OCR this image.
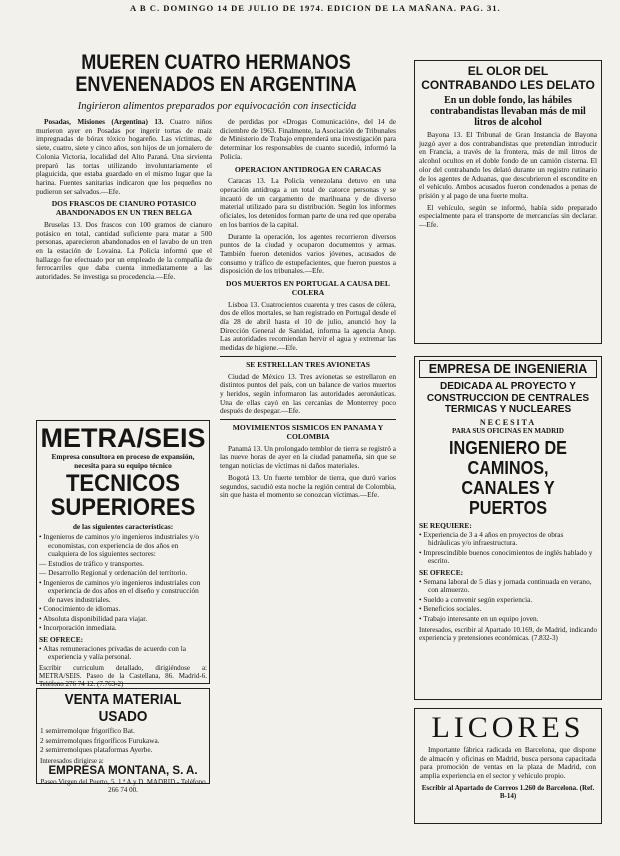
A B C. DOMINGO 14 DE JULIO DE 1974. EDICION DE LA MAÑANA. PAG. 31.
MUEREN CUATRO HERMANOS ENVENENADOS EN ARGENTINA
Ingirieron alimentos preparados por equivocación con insecticida

Posadas, Misiones (Argentina) 13. Cuatro niños murieron ayer en Posadas por ingerir tortas de maíz impregnadas de bórax tóxico hogareño. Las víctimas, de siete, cuatro, siete y cinco años, son hijos de un jornalero de Colonia Victoria, localidad del Alto Paraná. Una sirvienta preparó las tortas utilizando involuntariamente el plaguicida, que estaba guardado en el mismo lugar que la harina. Fuentes sanitarias indicaron que los pequeños no pudieron ser salvados.—Efe.

DOS FRASCOS DE CIANURO POTASICO ABANDONADOS EN UN TREN BELGA

Bruselas 13. Dos frascos con 100 gramos de cianuro potásico en total, cantidad suficiente para matar a 500 personas, aparecieron abandonados en el lavabo de un tren en la estación de Lovaina. La Policía informó que el hallazgo fue efectuado por un empleado de la compañía de ferrocarriles que daba cuenta inmediatamente a las autoridades. Se investiga su procedencia.—Efe.

de perdidas por «Drogas Comunicación», del 14 de diciembre de 1963. Finalmente, la Asociación de Tribunales de Ministerio de Trabajo emprenderá una investigación para determinar los responsables de cuanto sucedió, informó la Policía.

OPERACION ANTIDROGA EN CARACAS

Caracas 13. La Policía venezolana detuvo en una operación antidroga a un total de catorce personas y se incautó de un cargamento de marihuana y de diverso material utilizado para su distribución. Según los informes oficiales, los detenidos forman parte de una red que operaba en los barrios de la capital.

Durante la operación, los agentes recorrieron diversos puntos de la ciudad y ocuparon documentos y armas. También fueron detenidos varios jóvenes, acusados de consumo y tráfico de estupefacientes, que fueron puestos a disposición de los tribunales.—Efe.

DOS MUERTOS EN PORTUGAL A CAUSA DEL COLERA

Lisboa 13. Cuatrocientos cuarenta y tres casos de cólera, dos de ellos mortales, se han registrado en Portugal desde el día 28 de abril hasta el 10 de julio, anunció hoy la Dirección General de Sanidad, informa la agencia Anop. Las autoridades recomiendan hervir el agua y extremar las medidas de higiene.—Efe.

SE ESTRELLAN TRES AVIONETAS

Ciudad de México 13. Tres avionetas se estrellaron en distintos puntos del país, con un balance de varios muertos y heridos, según informaron las autoridades aeronáuticas. Una de ellas cayó en las cercanías de Monterrey poco después de despegar.—Efe.

MOVIMIENTOS SISMICOS EN PANAMA Y COLOMBIA

Panamá 13. Un prolongado temblor de tierra se registró a las nueve horas de ayer en la ciudad panameña, sin que se tengan noticias de víctimas ni daños materiales.

Bogotá 13. Un fuerte temblor de tierra, que duró varios segundos, sacudió esta noche la región central de Colombia, sin que hasta el momento se conozcan víctimas.—Efe.

METRA/SEIS
Empresa consultora en proceso de expansión, necesita para su equipo técnico
TECNICOS SUPERIORES
de las siguientes características:
• Ingenieros de caminos y/o ingenieros industriales y/o economistas, con experiencia de dos años en cualquiera de los siguientes sectores:
— Estudios de tráfico y transportes.
— Desarrollo Regional y ordenación del territorio.
• Ingenieros de caminos y/o ingenieros industriales con experiencia de dos años en el diseño y construcción de naves industriales.
• Conocimiento de idiomas.
• Absoluta disponibilidad para viajar.
• Incorporación inmediata.
SE OFRECE:
• Altas remuneraciones privadas de acuerdo con la experiencia y valía personal.
Escribir curriculum detallado, dirigiéndose a: METRA/SEIS. Paseo de la Castellana, 86. Madrid-6. Teléfono 276 74 12. (7.763-2)
VENTA MATERIAL USADO
1 semirremolque frigorífico Bat.
2 semirremolques frigoríficos Furukawa.
2 semirremolques plataformas Ayerbe.
Interesados dirigirse a:
EMPRESA MONTANA, S. A.
Paseo Virgen del Puerto, 5. 1.ª A y D. MADRID - Teléfono 266 74 00.
EL OLOR DEL CONTRABANDO LES DELATO
En un doble fondo, las hábiles contrabandistas llevaban más de mil litros de alcohol

Bayona 13. El Tribunal de Gran Instancia de Bayona juzgó ayer a dos contrabandistas que pretendían introducir en Francia, a través de la frontera, más de mil litros de alcohol ocultos en el doble fondo de un camión cisterna. El olor del contrabando les delató durante un registro rutinario de los agentes de Aduanas, que descubrieron el escondite en el vehículo. Ambos acusados fueron condenados a penas de prisión y al pago de una fuerte multa.

El vehículo, según se informó, había sido preparado especialmente para el transporte de mercancías sin declarar.—Efe.

EMPRESA DE INGENIERIA
DEDICADA AL PROYECTO Y CONSTRUCCION DE CENTRALES TERMICAS Y NUCLEARES
NECESITA
PARA SUS OFICINAS EN MADRID
INGENIERO DE CAMINOS, CANALES Y PUERTOS
SE REQUIERE:
• Experiencia de 3 a 4 años en proyectos de obras hidráulicas y/o infraestructura.
• Imprescindible buenos conocimientos de inglés hablado y escrito.
SE OFRECE:
• Semana laboral de 5 días y jornada continuada en verano, con almuerzo.
• Sueldo a convenir según experiencia.
• Beneficios sociales.
• Trabajo interesante en un equipo joven.
Interesados, escribir al Apartado 10.169, de Madrid, indicando experiencia y pretensiones económicas. (7.832-3)
LICORES

Importante fábrica radicada en Barcelona, que dispone de almacén y oficinas en Madrid, busca persona capacitada para promoción de ventas en la plaza de Madrid, con amplia experiencia en el sector y vehículo propio.

Escribir al Apartado de Correos 1.260 de Barcelona. (Ref. B-14)
